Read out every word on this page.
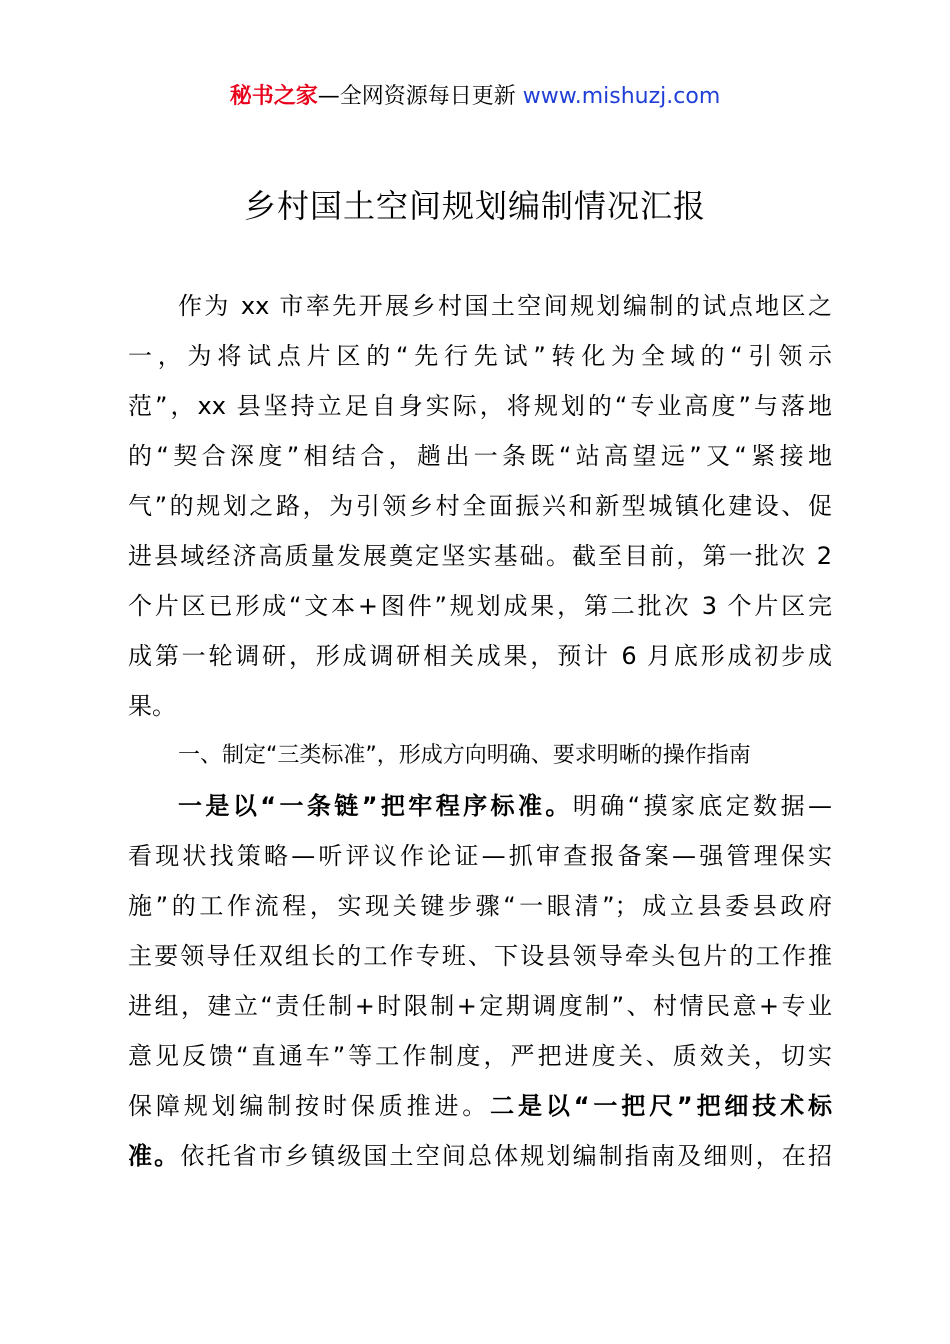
秘书之家—全网资源每日更新 www.mishuzj.com
乡村国土空间规划编制情况汇报
作为 xx 市率先开展乡村国土空间规划编制的试点地区之
一，为将试点片区的“先行先试”转化为全域的“引领示
范”，xx 县坚持立足自身实际，将规划的“专业高度”与落地
的“契合深度”相结合，趟出一条既“站高望远”又“紧接地
气”的规划之路，为引领乡村全面振兴和新型城镇化建设、促
进县域经济高质量发展奠定坚实基础。截至目前，第一批次 2
个片区已形成“文本+图件”规划成果，第二批次 3 个片区完
成第一轮调研，形成调研相关成果，预计 6 月底形成初步成
果。
一、制定“三类标准”，形成方向明确、要求明晰的操作指南
一是以“一条链”把牢程序标准。明确“摸家底定数据—
看现状找策略—听评议作论证—抓审查报备案—强管理保实
施”的工作流程，实现关键步骤“一眼清”；成立县委县政府
主要领导任双组长的工作专班、下设县领导牵头包片的工作推
进组，建立“责任制+时限制+定期调度制”、村情民意+专业
意见反馈“直通车”等工作制度，严把进度关、质效关，切实
保障规划编制按时保质推进。二是以“一把尺”把细技术标
准。依托省市乡镇级国土空间总体规划编制指南及细则，在招
